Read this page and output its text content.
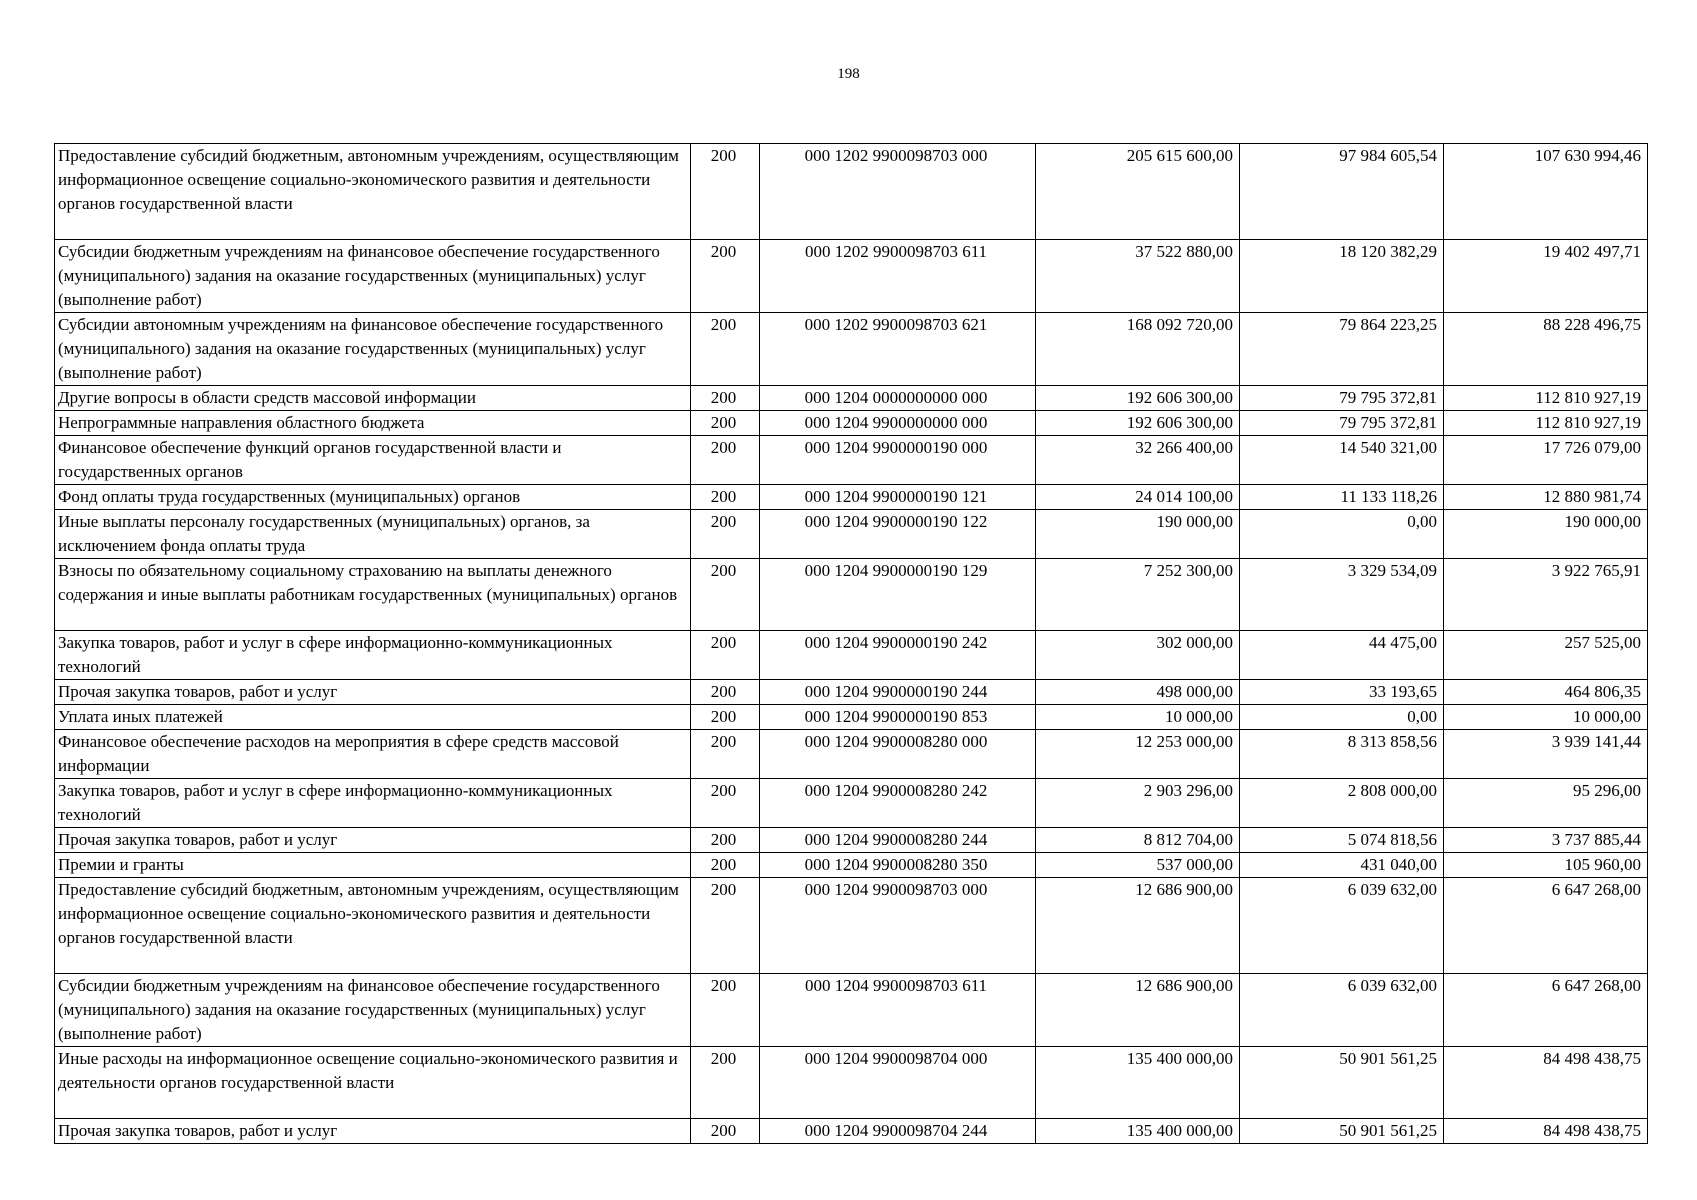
198
Предоставление субсидий бюджетным, автономным учреждениям, осуществляющим информационное освещение социально-экономического развития и деятельности органов государственной власти	200	000 1202 9900098703 000	205 615 600,00	97 984 605,54	107 630 994,46
Субсидии бюджетным учреждениям на финансовое обеспечение государственного (муниципального) задания на оказание государственных (муниципальных) услуг (выполнение работ)	200	000 1202 9900098703 611	37 522 880,00	18 120 382,29	19 402 497,71
Субсидии автономным учреждениям на финансовое обеспечение государственного (муниципального) задания на оказание государственных (муниципальных) услуг (выполнение работ)	200	000 1202 9900098703 621	168 092 720,00	79 864 223,25	88 228 496,75
Другие вопросы в области средств массовой информации	200	000 1204 0000000000 000	192 606 300,00	79 795 372,81	112 810 927,19
Непрограммные направления областного бюджета	200	000 1204 9900000000 000	192 606 300,00	79 795 372,81	112 810 927,19
Финансовое обеспечение функций органов государственной власти и государственных органов	200	000 1204 9900000190 000	32 266 400,00	14 540 321,00	17 726 079,00
Фонд оплаты труда государственных (муниципальных) органов	200	000 1204 9900000190 121	24 014 100,00	11 133 118,26	12 880 981,74
Иные выплаты персоналу государственных (муниципальных) органов, за исключением фонда оплаты труда	200	000 1204 9900000190 122	190 000,00	0,00	190 000,00
Взносы по обязательному социальному страхованию на выплаты денежного содержания и иные выплаты работникам государственных (муниципальных) органов	200	000 1204 9900000190 129	7 252 300,00	3 329 534,09	3 922 765,91
Закупка товаров, работ и услуг в сфере информационно-коммуникационных технологий	200	000 1204 9900000190 242	302 000,00	44 475,00	257 525,00
Прочая закупка товаров, работ и услуг	200	000 1204 9900000190 244	498 000,00	33 193,65	464 806,35
Уплата иных платежей	200	000 1204 9900000190 853	10 000,00	0,00	10 000,00
Финансовое обеспечение расходов на мероприятия в сфере средств массовой информации	200	000 1204 9900008280 000	12 253 000,00	8 313 858,56	3 939 141,44
Закупка товаров, работ и услуг в сфере информационно-коммуникационных технологий	200	000 1204 9900008280 242	2 903 296,00	2 808 000,00	95 296,00
Прочая закупка товаров, работ и услуг	200	000 1204 9900008280 244	8 812 704,00	5 074 818,56	3 737 885,44
Премии и гранты	200	000 1204 9900008280 350	537 000,00	431 040,00	105 960,00
Предоставление субсидий бюджетным, автономным учреждениям, осуществляющим информационное освещение социально-экономического развития и деятельности органов государственной власти	200	000 1204 9900098703 000	12 686 900,00	6 039 632,00	6 647 268,00
Субсидии бюджетным учреждениям на финансовое обеспечение государственного (муниципального) задания на оказание государственных (муниципальных) услуг (выполнение работ)	200	000 1204 9900098703 611	12 686 900,00	6 039 632,00	6 647 268,00
Иные расходы на информационное освещение социально-экономического развития и деятельности органов государственной власти	200	000 1204 9900098704 000	135 400 000,00	50 901 561,25	84 498 438,75
Прочая закупка товаров, работ и услуг	200	000 1204 9900098704 244	135 400 000,00	50 901 561,25	84 498 438,75
